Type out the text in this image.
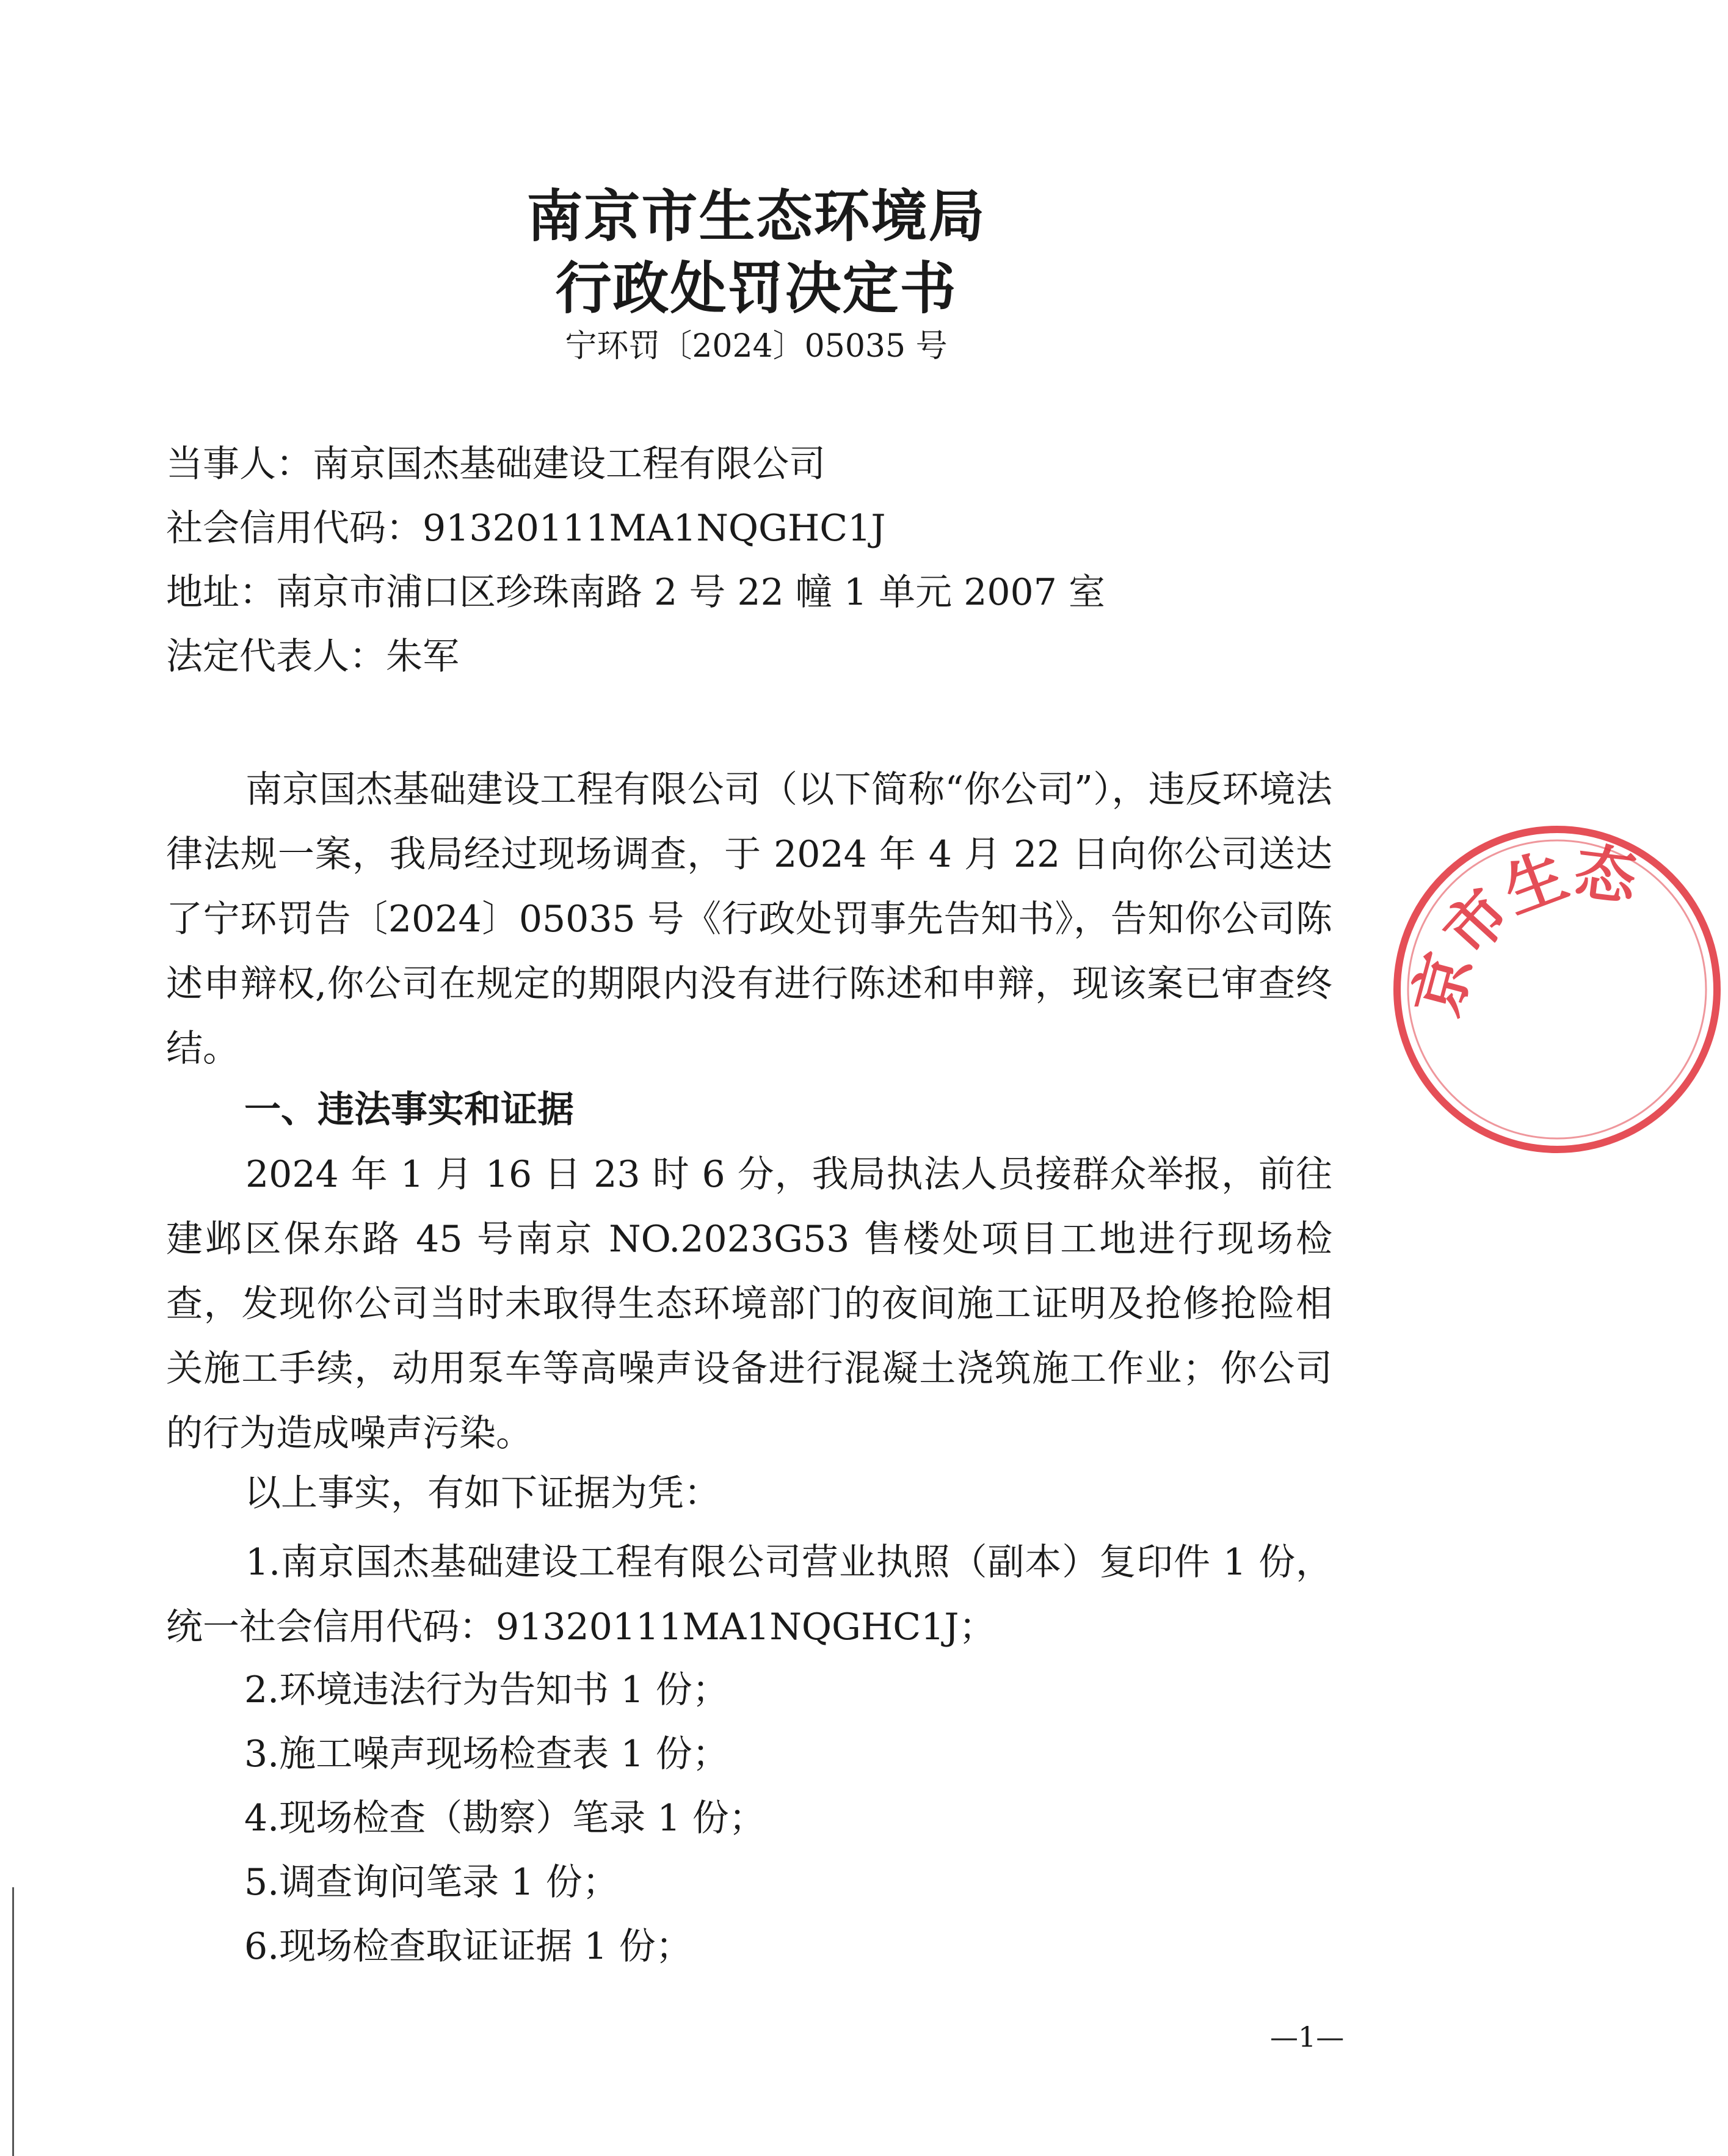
南京市生态环境局
行政处罚决定书
宁环罚〔2024〕05035 号
当事人：南京国杰基础建设工程有限公司
社会信用代码：91320111MA1NQGHC1J
地址：南京市浦口区珍珠南路 2 号 22 幢 1 单元 2007 室
法定代表人：朱军
南京国杰基础建设工程有限公司（以下简称“你公司”），违反环境法律法规一案，我局经过现场调查，于 2024 年 4 月 22 日向你公司送达了宁环罚告〔2024〕05035 号《行政处罚事先告知书》，告知你公司陈述申辩权,你公司在规定的期限内没有进行陈述和申辩，现该案已审查终结。
一、违法事实和证据
2024 年 1 月 16 日 23 时 6 分，我局执法人员接群众举报，前往建邺区保东路 45 号南京 NO.2023G53 售楼处项目工地进行现场检查，发现你公司当时未取得生态环境部门的夜间施工证明及抢修抢险相关施工手续，动用泵车等高噪声设备进行混凝土浇筑施工作业；你公司的行为造成噪声污染。
以上事实，有如下证据为凭：
1.南京国杰基础建设工程有限公司营业执照（副本）复印件 1 份，统一社会信用代码：91320111MA1NQGHC1J；
2.环境违法行为告知书 1 份；
3.施工噪声现场检查表 1 份；
4.现场检查（勘察）笔录 1 份；
5.调查询问笔录 1 份；
6.现场检查取证证据 1 份；
—1—
京市生态
